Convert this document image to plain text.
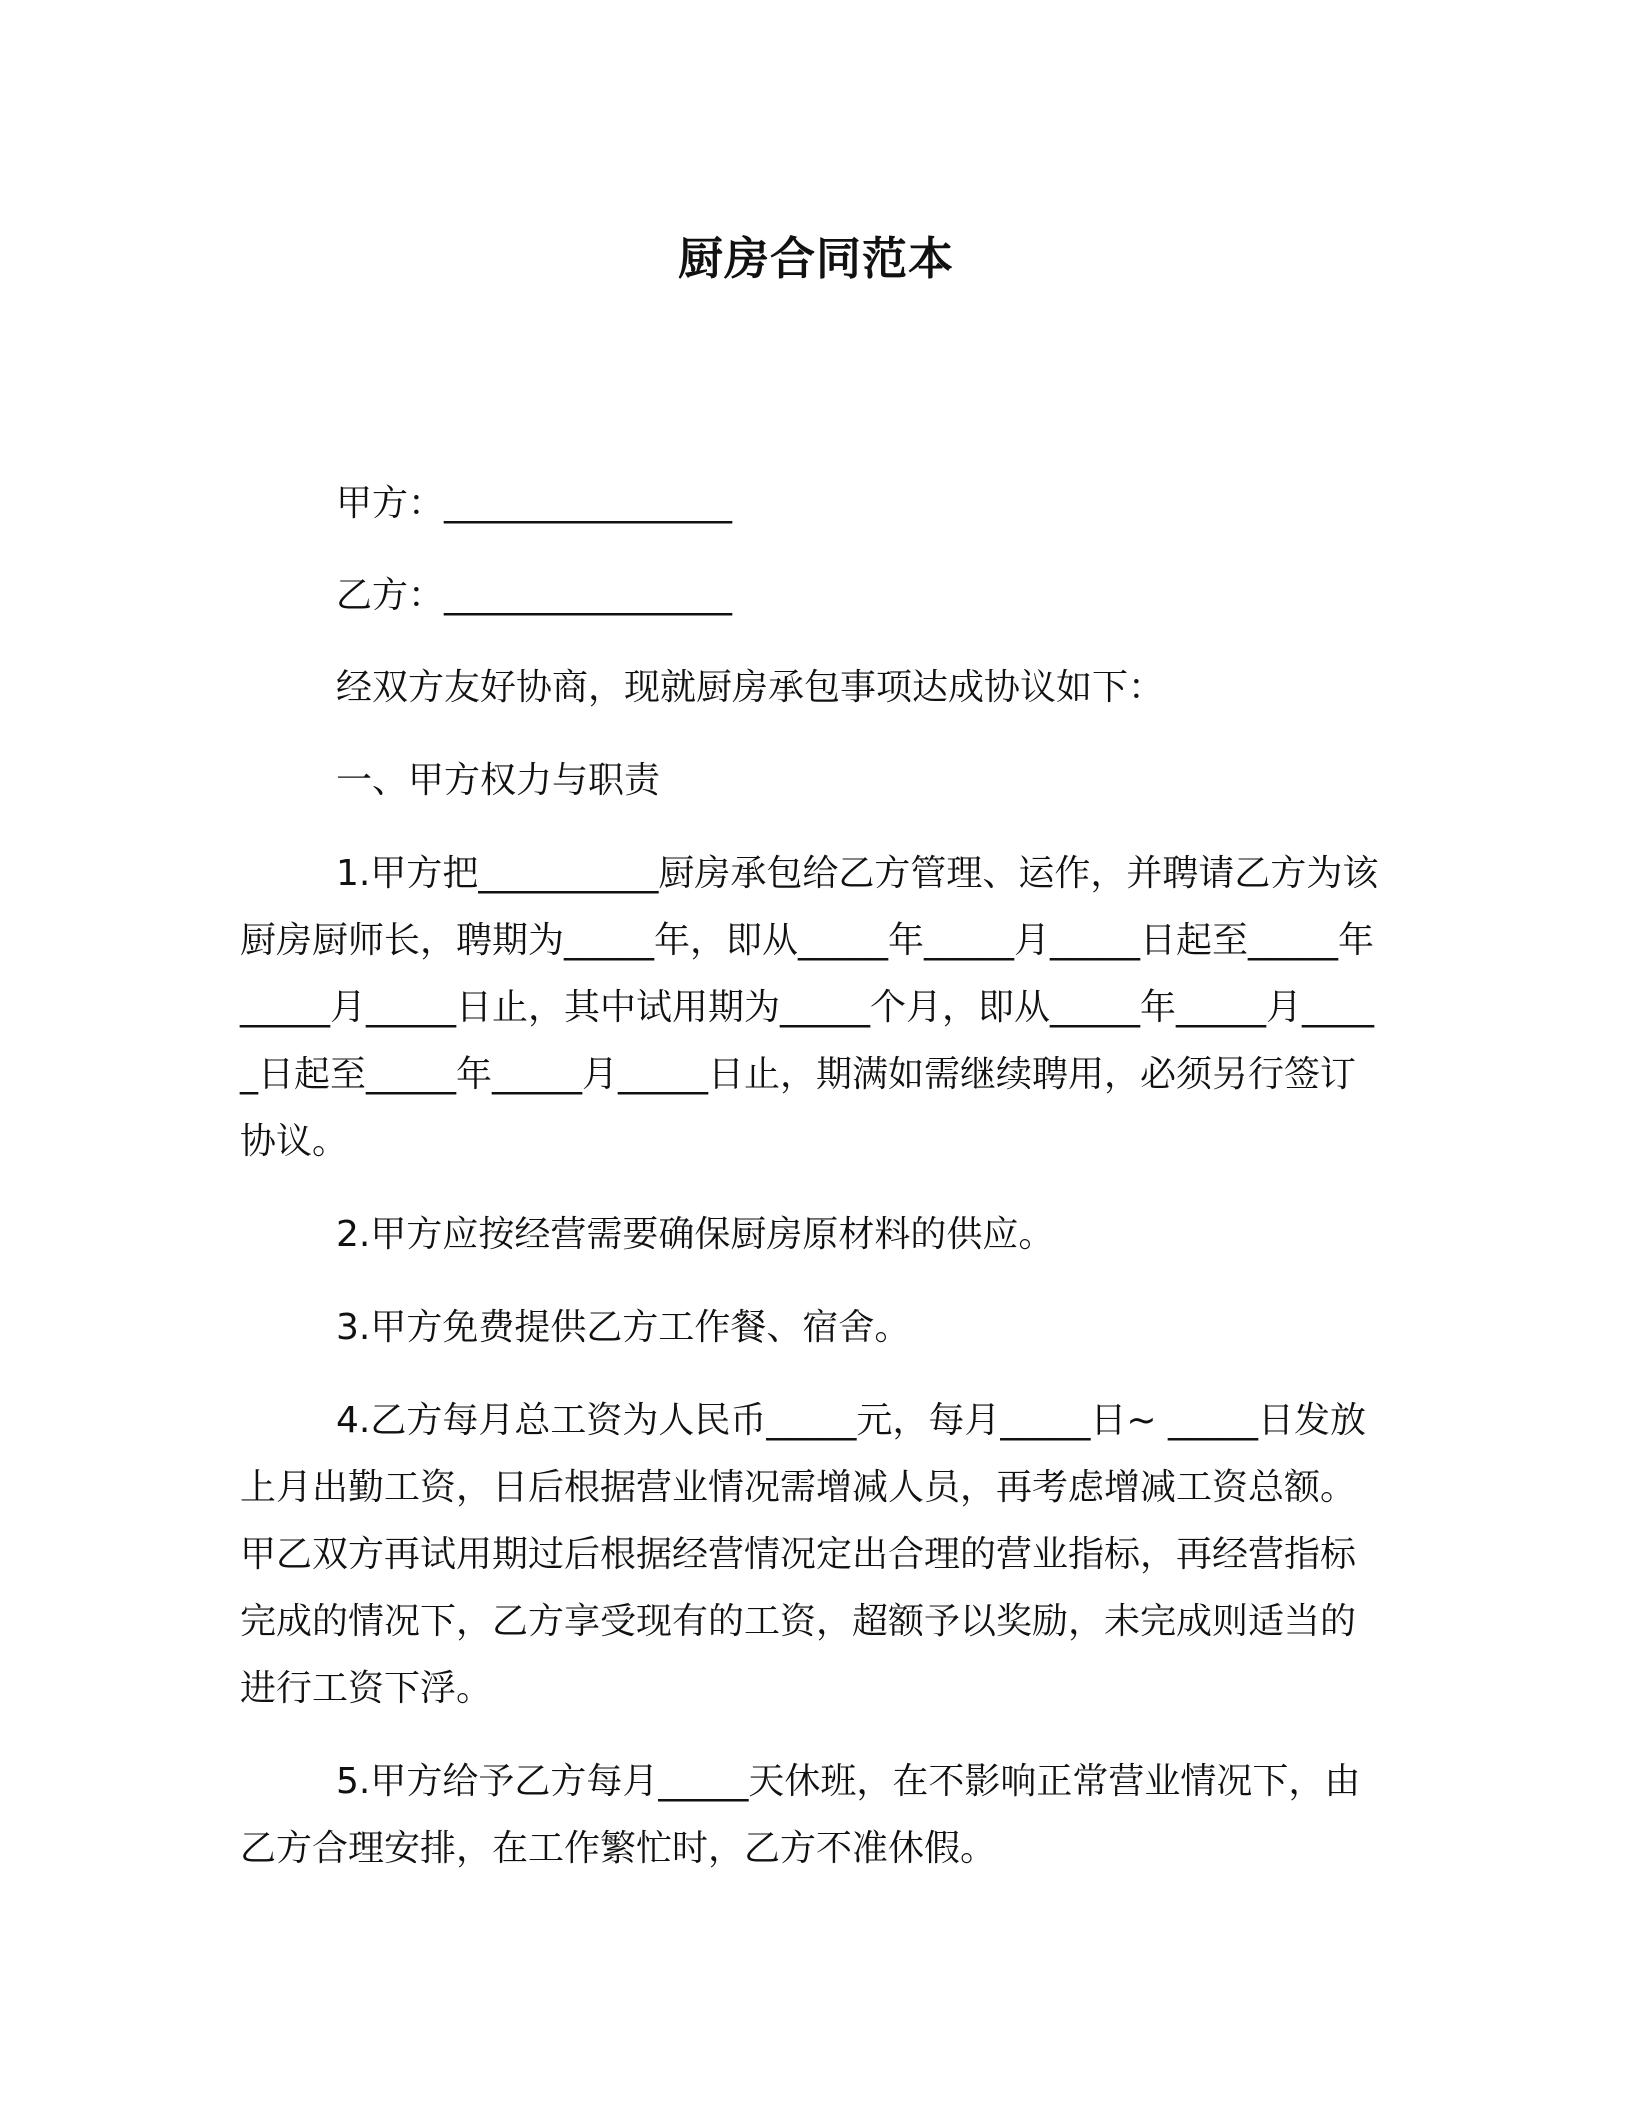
厨房合同范本

甲方：________________

乙方：________________

经双方友好协商，现就厨房承包事项达成协议如下：

一、甲方权力与职责

1.甲方把__________厨房承包给乙方管理、运作，并聘请乙方为该厨房厨师长，聘期为_____年，即从_____年_____月_____日起至_____年_____月_____日止，其中试用期为_____个月，即从_____年_____月_____日起至_____年_____月_____日止，期满如需继续聘用，必须另行签订协议。

2.甲方应按经营需要确保厨房原材料的供应。

3.甲方免费提供乙方工作餐、宿舍。

4.乙方每月总工资为人民币_____元，每月_____日~ _____日发放上月出勤工资，日后根据营业情况需增减人员，再考虑增减工资总额。甲乙双方再试用期过后根据经营情况定出合理的营业指标，再经营指标完成的情况下，乙方享受现有的工资，超额予以奖励，未完成则适当的进行工资下浮。

5.甲方给予乙方每月_____天休班，在不影响正常营业情况下，由乙方合理安排，在工作繁忙时，乙方不准休假。
